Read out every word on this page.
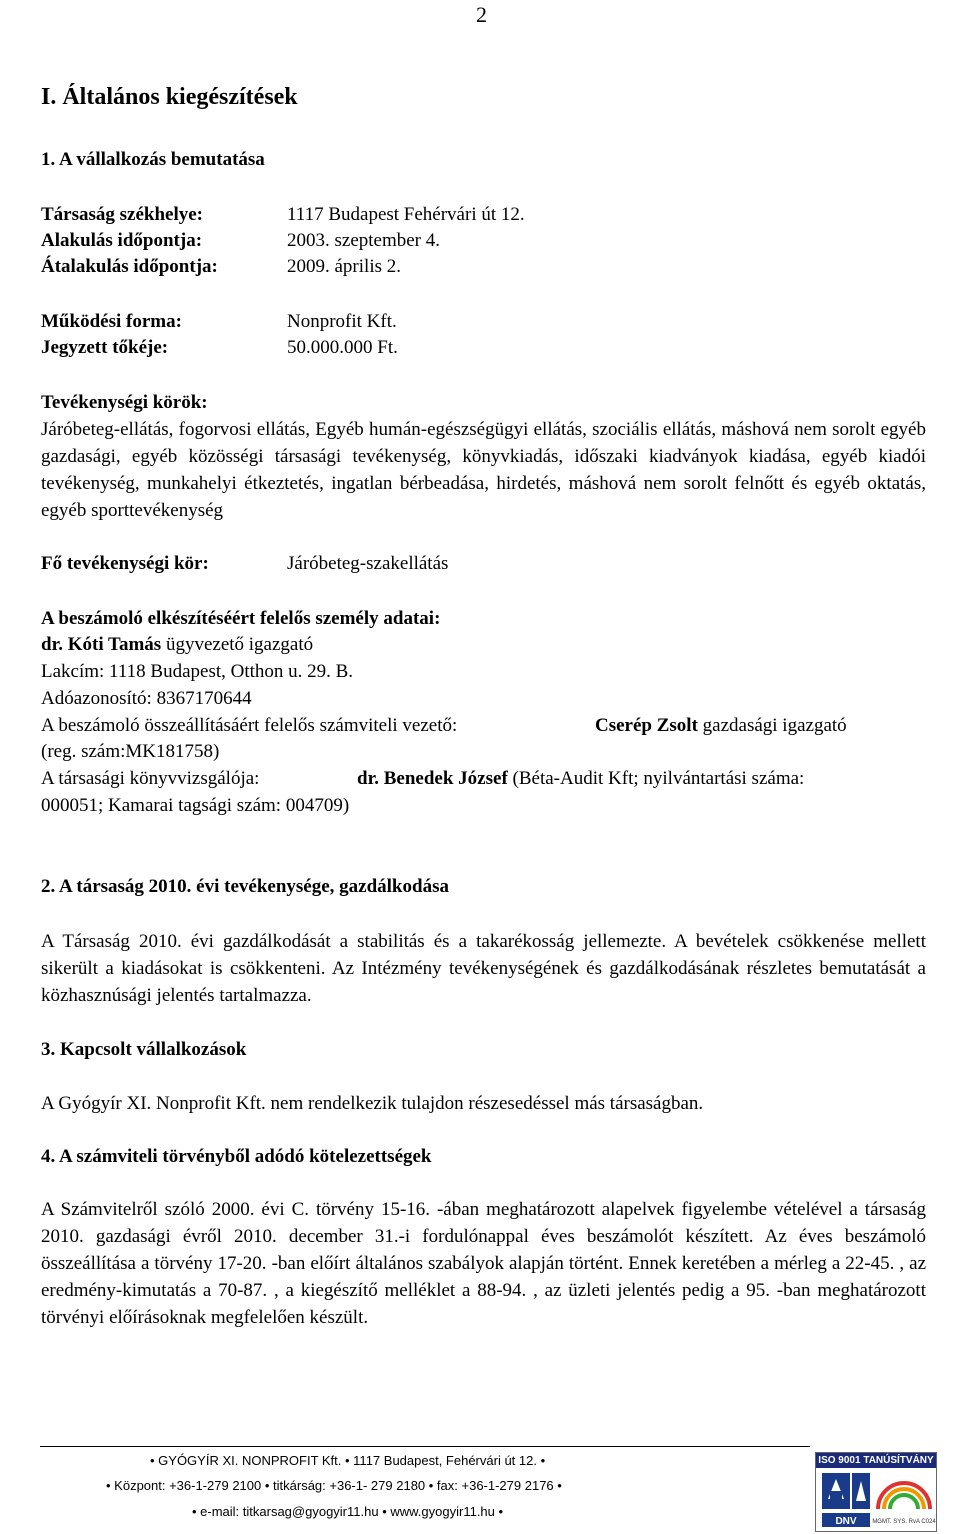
2
I. Általános kiegészítések
1. A vállalkozás bemutatása
Társaság székhelye:	1117 Budapest Fehérvári út 12.
Alakulás időpontja:	2003. szeptember 4.
Átalakulás időpontja:	2009. április 2.
Működési forma:	Nonprofit Kft.
Jegyzett tőkéje:	50.000.000 Ft.
Tevékenységi körök:
Járóbeteg-ellátás, fogorvosi ellátás, Egyéb humán-egészségügyi ellátás, szociális ellátás, máshová nem sorolt egyéb gazdasági, egyéb közösségi társasági tevékenység, könyvkiadás, időszaki kiadványok kiadása, egyéb kiadói tevékenység, munkahelyi étkeztetés, ingatlan bérbeadása, hirdetés, máshová nem sorolt felnőtt és egyéb oktatás, egyéb sporttevékenység
Fő tevékenységi kör:	Járóbeteg-szakellátás
A beszámoló elkészítéséért felelős személy adatai:
dr. Kóti Tamás ügyvezető igazgató
Lakcím: 1118 Budapest, Otthon u. 29. B.
Adóazonosító: 8367170644
A beszámoló összeállításáért felelős számviteli vezető:	Cserép Zsolt gazdasági igazgató
(reg. szám:MK181758)
A társasági könyvvizsgálója:	dr. Benedek József (Béta-Audit Kft; nyilvántartási száma:
000051; Kamarai tagsági szám: 004709)
2. A társaság 2010. évi tevékenysége, gazdálkodása
A Társaság 2010. évi gazdálkodását a stabilitás és a takarékosság jellemezte. A bevételek csökkenése mellett sikerült a kiadásokat is csökkenteni. Az Intézmény tevékenységének és gazdálkodásának részletes bemutatását a közhasznúsági jelentés tartalmazza.
3. Kapcsolt vállalkozások
A Gyógyír XI. Nonprofit Kft. nem rendelkezik tulajdon részesedéssel más társaságban.
4. A számviteli törvényből adódó kötelezettségek
A Számvitelről szóló 2000. évi C. törvény 15-16. -ában meghatározott alapelvek figyelembe vételével a társaság 2010. gazdasági évről 2010. december 31.-i fordulónappal éves beszámolót készített. Az éves beszámoló összeállítása a törvény 17-20. -ban előírt általános szabályok alapján történt. Ennek keretében a mérleg a 22-45. , az eredmény-kimutatás a 70-87. , a kiegészítő melléklet a 88-94. , az üzleti jelentés pedig a 95. -ban meghatározott törvényi előírásoknak megfelelően készült.
• GYÓGYÍR XI. NONPROFIT Kft. • 1117 Budapest, Fehérvári út 12. •
• Központ: +36-1-279 2100 • titkárság: +36-1- 279 2180 • fax: +36-1-279 2176 •
• e-mail: titkarsag@gyogyir11.hu • www.gyogyir11.hu •
ISO 9001 TANÚSÍTVÁNY
DNV	MGMT. SYS. RvA C024
